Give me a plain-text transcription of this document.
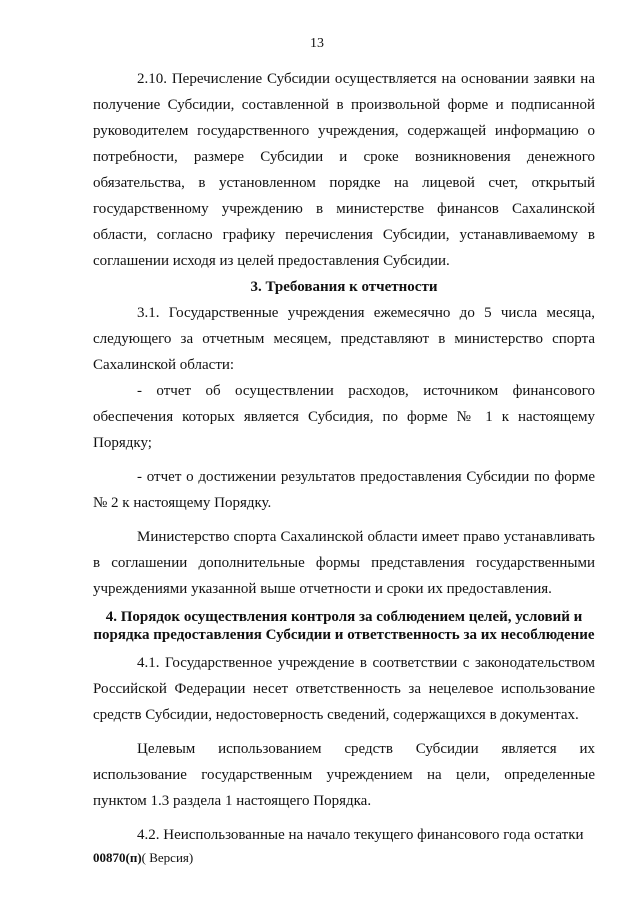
13

2.10. Перечисление Субсидии осуществляется на основании заявки на получение Субсидии, составленной в произвольной форме и подписанной руководителем государственного учреждения, содержащей информацию о потребности, размере Субсидии и сроке возникновения денежного обязательства, в установленном порядке на лицевой счет, открытый государственному учреждению в министерстве финансов Сахалинской области, согласно графику перечисления Субсидии, устанавливаемому в соглашении исходя из целей предоставления Субсидии.

3. Требования к отчетности

3.1. Государственные учреждения ежемесячно до 5 числа месяца, следующего за отчетным месяцем, представляют в министерство спорта Сахалинской области:

- отчет об осуществлении расходов, источником финансового обеспечения которых является Субсидия, по форме № 1 к настоящему Порядку;

- отчет о достижении результатов предоставления Субсидии по форме № 2 к настоящему Порядку.

Министерство спорта Сахалинской области имеет право устанавливать в соглашении дополнительные формы представления государственными учреждениями указанной выше отчетности и сроки их предоставления.

4. Порядок осуществления контроля за соблюдением целей, условий и порядка предоставления Субсидии и ответственность за их несоблюдение

4.1. Государственное учреждение в соответствии с законодательством Российской Федерации несет ответственность за нецелевое использование средств Субсидии, недостоверность сведений, содержащихся в документах.

Целевым использованием средств Субсидии является их использование государственным учреждением на цели, определенные пунктом 1.3 раздела 1 настоящего Порядка.

4.2. Неиспользованные на начало текущего финансового года остатки

00870(п)( Версия)
